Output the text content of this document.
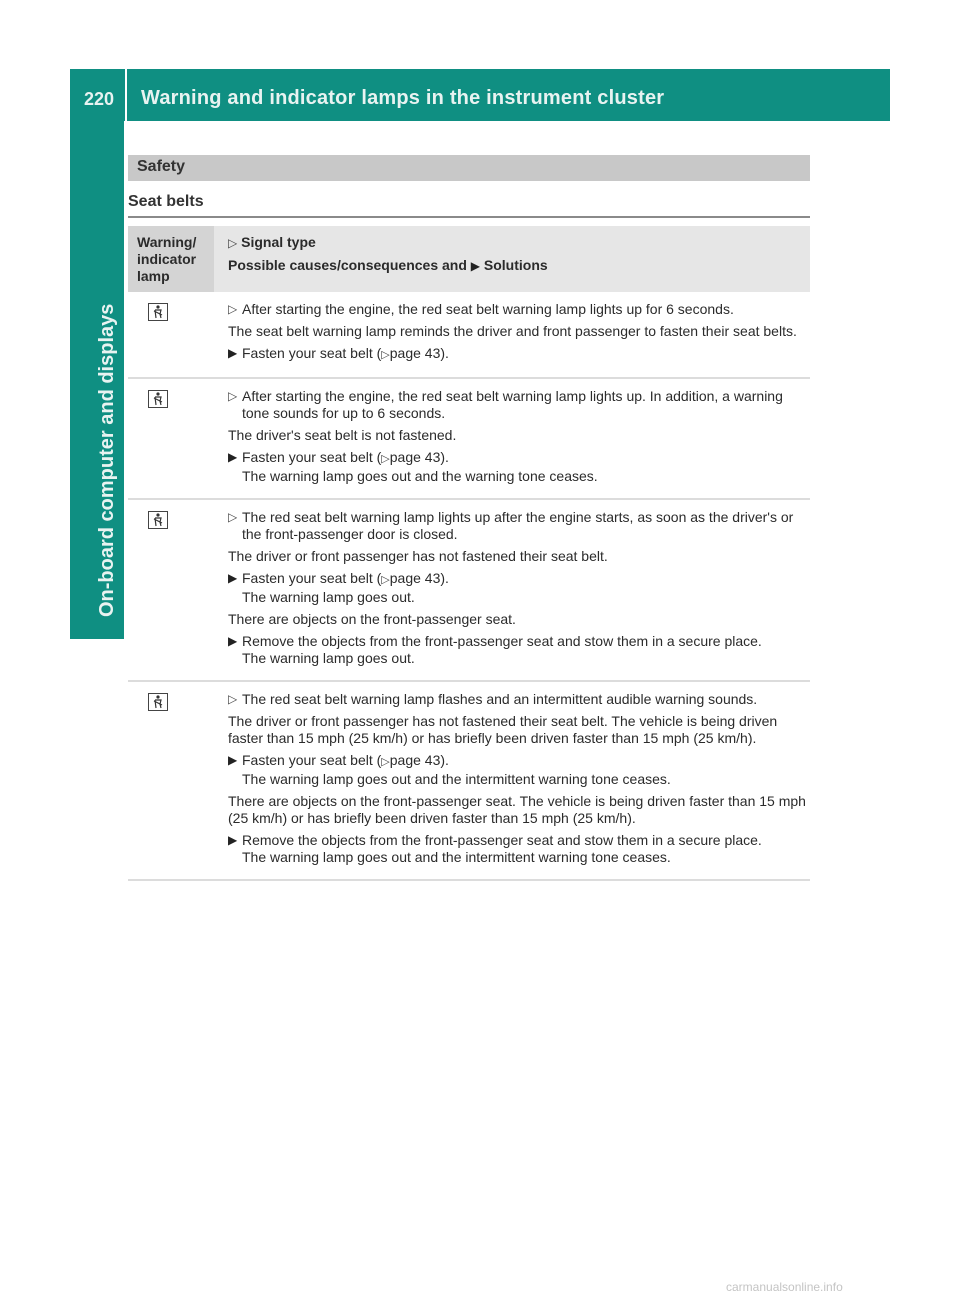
220 Warning and indicator lamps in the instrument cluster
On-board computer and displays
Safety
Seat belts
Warning/
indicator
lamp
▷ Signal type
Possible causes/consequences and ▶ Solutions
▷ After starting the engine, the red seat belt warning lamp lights up for 6 seconds.
The seat belt warning lamp reminds the driver and front passenger to fasten their seat belts.
▶ Fasten your seat belt (▷page 43).
▷ After starting the engine, the red seat belt warning lamp lights up. In addition, a warning tone sounds for up to 6 seconds.
The driver's seat belt is not fastened.
▶ Fasten your seat belt (▷page 43).
The warning lamp goes out and the warning tone ceases.
▷ The red seat belt warning lamp lights up after the engine starts, as soon as the driver's or the front-passenger door is closed.
The driver or front passenger has not fastened their seat belt.
▶ Fasten your seat belt (▷page 43).
The warning lamp goes out.
There are objects on the front-passenger seat.
▶ Remove the objects from the front-passenger seat and stow them in a secure place.
The warning lamp goes out.
▷ The red seat belt warning lamp flashes and an intermittent audible warning sounds.
The driver or front passenger has not fastened their seat belt. The vehicle is being driven faster than 15 mph (25 km/h) or has briefly been driven faster than 15 mph (25 km/h).
▶ Fasten your seat belt (▷page 43).
The warning lamp goes out and the intermittent warning tone ceases.
There are objects on the front-passenger seat. The vehicle is being driven faster than 15 mph (25 km/h) or has briefly been driven faster than 15 mph (25 km/h).
▶ Remove the objects from the front-passenger seat and stow them in a secure place.
The warning lamp goes out and the intermittent warning tone ceases.
carmanualsonline.info
